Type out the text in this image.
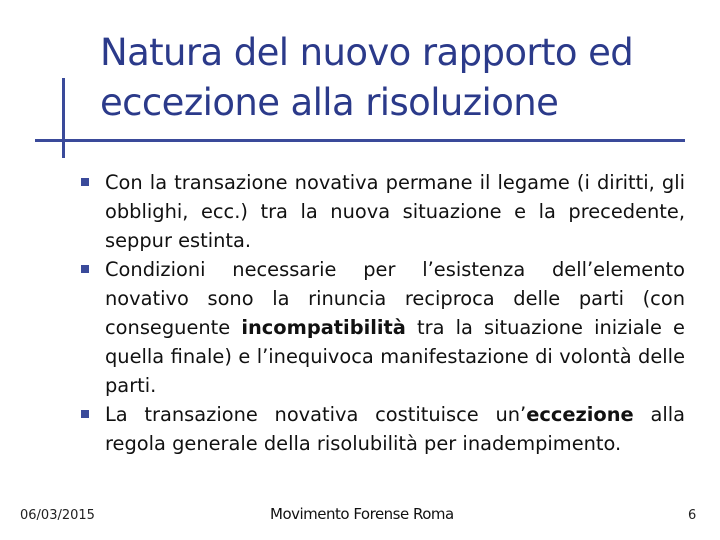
Natura del nuovo rapporto ed
eccezione alla risoluzione
Con la transazione novativa permane il legame (i diritti, gli obblighi, ecc.) tra la nuova situazione e la precedente, seppur estinta.
Condizioni necessarie per l’esistenza dell’elemento novativo sono la rinuncia reciproca delle parti (con conseguente incompatibilità tra la situazione iniziale e quella finale) e l’inequivoca manifestazione di volontà delle parti.
La transazione novativa costituisce un’eccezione alla regola generale della risolubilità per inadempimento.
06/03/2015	Movimento Forense Roma	6
